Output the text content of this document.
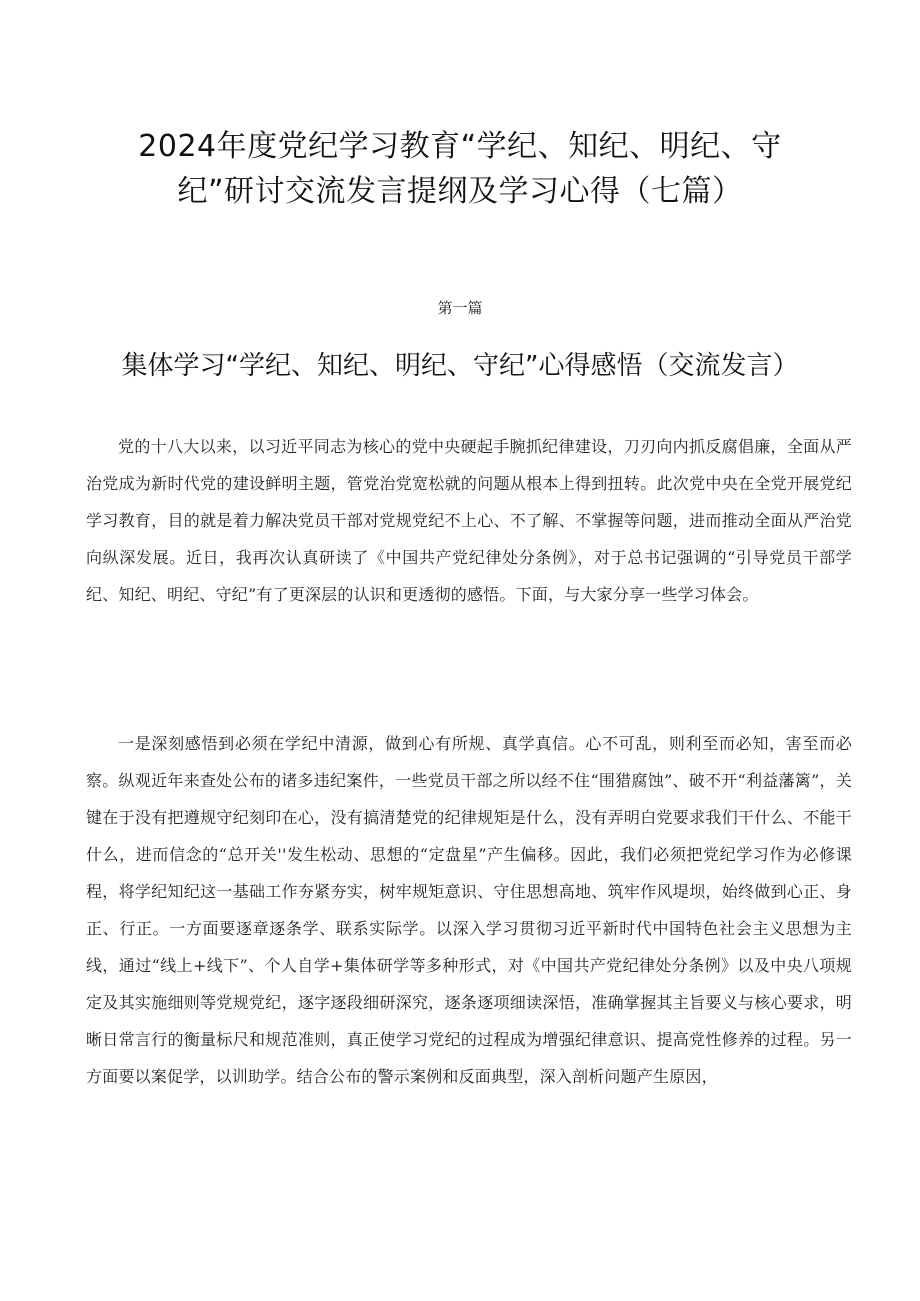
2024年度党纪学习教育“学纪、知纪、明纪、守纪”研讨交流发言提纲及学习心得（七篇）
第一篇
集体学习“学纪、知纪、明纪、守纪”心得感悟（交流发言）

党的十八大以来，以习近平同志为核心的党中央硬起手腕抓纪律建设，刀刃向内抓反腐倡廉，全面从严治党成为新时代党的建设鲜明主题，管党治党宽松就的问题从根本上得到扭转。此次党中央在全党开展党纪学习教育，目的就是着力解决党员干部对党规党纪不上心、不了解、不掌握等问题，进而推动全面从严治党向纵深发展。近日，我再次认真研读了《中国共产党纪律处分条例》，对于总书记强调的“引导党员干部学纪、知纪、明纪、守纪”有了更深层的认识和更透彻的感悟。下面，与大家分享一些学习体会。

一是深刻感悟到必须在学纪中清源，做到心有所规、真学真信。心不可乱，则利至而必知，害至而必察。纵观近年来查处公布的诸多违纪案件，一些党员干部之所以经不住“围猎腐蚀”、破不开“利益藩篱”，关键在于没有把遵规守纪刻印在心，没有搞清楚党的纪律规矩是什么，没有弄明白党要求我们干什么、不能干什么，进而信念的“总开关''发生松动、思想的“定盘星”产生偏移。因此，我们必须把党纪学习作为必修课程，将学纪知纪这一基础工作夯紧夯实，树牢规矩意识、守住思想高地、筑牢作风堤坝，始终做到心正、身正、行正。一方面要逐章逐条学、联系实际学。以深入学习贯彻习近平新时代中国特色社会主义思想为主线，通过“线上+线下”、个人自学+集体研学等多种形式，对《中国共产党纪律处分条例》以及中央八项规定及其实施细则等党规党纪，逐字逐段细研深究，逐条逐项细读深悟，准确掌握其主旨要义与核心要求，明晰日常言行的衡量标尺和规范准则，真正使学习党纪的过程成为增强纪律意识、提高党性修养的过程。另一方面要以案促学，以训助学。结合公布的警示案例和反面典型，深入剖析问题产生原因，
